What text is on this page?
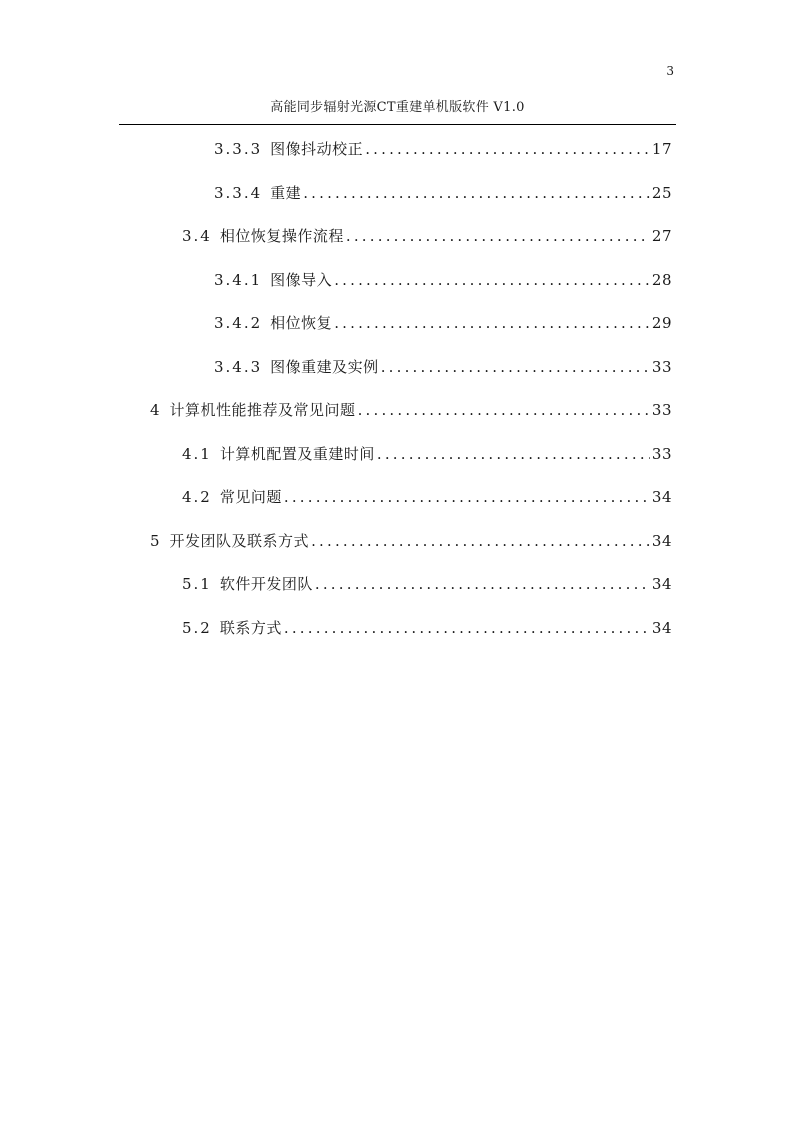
3
高能同步辐射光源CT重建单机版软件 V1.0
3.3.3 图像抖动校正 .....	17
3.3.4 重建 .....	25
3.4 相位恢复操作流程 .....	27
3.4.1 图像导入 .....	28
3.4.2 相位恢复 .....	29
3.4.3 图像重建及实例 .....	33
4 计算机性能推荐及常见问题 .....	33
4.1 计算机配置及重建时间 .....	33
4.2 常见问题 .....	34
5 开发团队及联系方式 .....	34
5.1 软件开发团队 .....	34
5.2 联系方式 .....	34
